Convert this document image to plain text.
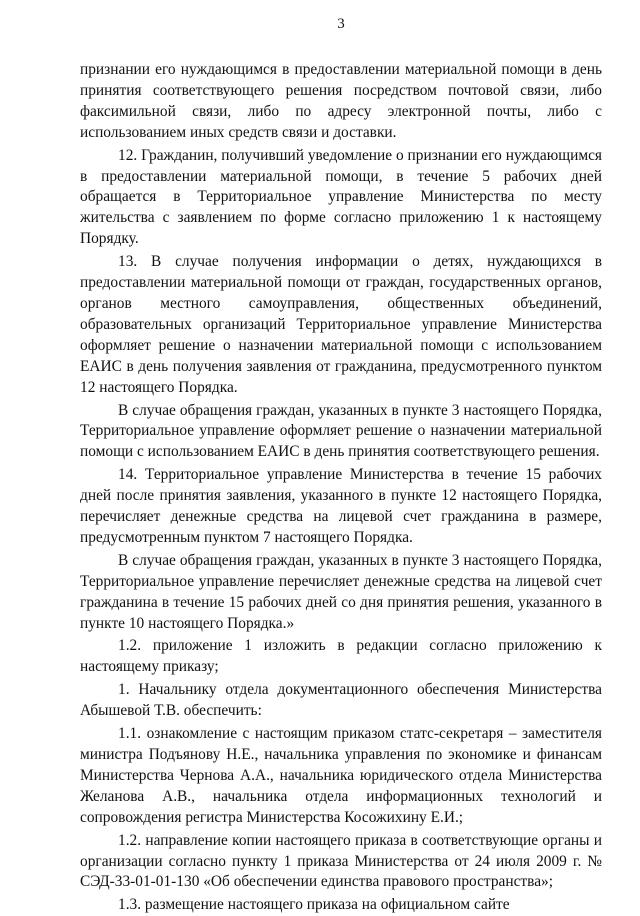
3

признании его нуждающимся в предоставлении материальной помощи в день принятия соответствующего решения посредством почтовой связи, либо факсимильной связи, либо по адресу электронной почты, либо с использованием иных средств связи и доставки.

12. Гражданин, получивший уведомление о признании его нуждающимся в предоставлении материальной помощи, в течение 5 рабочих дней обращается в Территориальное управление Министерства по месту жительства с заявлением по форме согласно приложению 1 к настоящему Порядку.

13. В случае получения информации о детях, нуждающихся в предоставлении материальной помощи от граждан, государственных органов, органов местного самоуправления, общественных объединений, образовательных организаций Территориальное управление Министерства оформляет решение о назначении материальной помощи с использованием ЕАИС в день получения заявления от гражданина, предусмотренного пунктом 12 настоящего Порядка.

В случае обращения граждан, указанных в пункте 3 настоящего Порядка, Территориальное управление оформляет решение о назначении материальной помощи с использованием ЕАИС в день принятия соответствующего решения.

14. Территориальное управление Министерства в течение 15 рабочих дней после принятия заявления, указанного в пункте 12 настоящего Порядка, перечисляет денежные средства на лицевой счет гражданина в размере, предусмотренным пунктом 7 настоящего Порядка.

В случае обращения граждан, указанных в пункте 3 настоящего Порядка, Территориальное управление перечисляет денежные средства на лицевой счет гражданина в течение 15 рабочих дней со дня принятия решения, указанного в пункте 10 настоящего Порядка.»

1.2. приложение 1 изложить в редакции согласно приложению к настоящему приказу;

1. Начальнику отдела документационного обеспечения Министерства Абышевой Т.В. обеспечить:

1.1. ознакомление с настоящим приказом статс-секретаря – заместителя министра Подъянову Н.Е., начальника управления по экономике и финансам Министерства Чернова А.А., начальника юридического отдела Министерства Желанова А.В., начальника отдела информационных технологий и сопровождения регистра Министерства Косожихину Е.И.;

1.2. направление копии настоящего приказа в соответствующие органы и организации согласно пункту 1 приказа Министерства от 24 июля 2009 г. № СЭД-33-01-01-130 «Об обеспечении единства правового пространства»;

1.3. размещение настоящего приказа на официальном сайте
